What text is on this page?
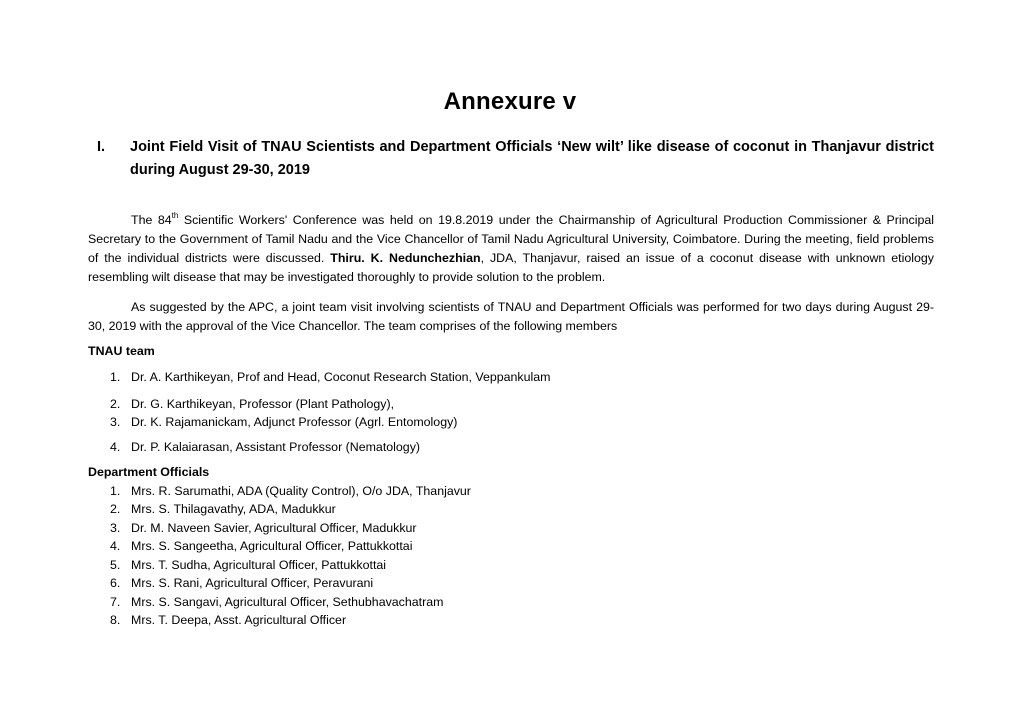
Annexure v
I. Joint Field Visit of TNAU Scientists and Department Officials ‘New wilt’ like disease of coconut in Thanjavur district during August 29-30, 2019
The 84th Scientific Workers' Conference was held on 19.8.2019 under the Chairmanship of Agricultural Production Commissioner & Principal Secretary to the Government of Tamil Nadu and the Vice Chancellor of Tamil Nadu Agricultural University, Coimbatore. During the meeting, field problems of the individual districts were discussed. Thiru. K. Nedunchezhian, JDA, Thanjavur, raised an issue of a coconut disease with unknown etiology resembling wilt disease that may be investigated thoroughly to provide solution to the problem.
As suggested by the APC, a joint team visit involving scientists of TNAU and Department Officials was performed for two days during August 29-30, 2019 with the approval of the Vice Chancellor. The team comprises of the following members
TNAU team
1. Dr. A. Karthikeyan, Prof and Head, Coconut Research Station, Veppankulam
2. Dr. G. Karthikeyan, Professor (Plant Pathology),
3. Dr. K. Rajamanickam, Adjunct Professor (Agrl. Entomology)
4. Dr. P. Kalaiarasan, Assistant Professor (Nematology)
Department Officials
1. Mrs. R. Sarumathi, ADA (Quality Control), O/o JDA, Thanjavur
2. Mrs. S. Thilagavathy, ADA, Madukkur
3. Dr. M. Naveen Savier, Agricultural Officer, Madukkur
4. Mrs. S. Sangeetha, Agricultural Officer, Pattukkottai
5. Mrs. T. Sudha, Agricultural Officer, Pattukkottai
6. Mrs. S. Rani, Agricultural Officer, Peravurani
7. Mrs. S. Sangavi, Agricultural Officer, Sethubhavachatram
8. Mrs. T. Deepa, Asst. Agricultural Officer
